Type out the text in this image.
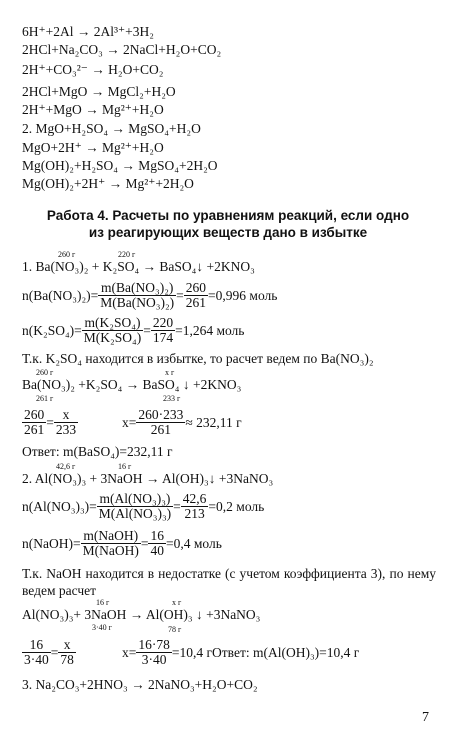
6H⁺+2Al → 2Al³⁺+3H₂
2HCl+Na₂CO₃ → 2NaCl+H₂O+CO₂
2H⁺+CO₃²⁻ → H₂O+CO₂
2HCl+MgO → MgCl₂+H₂O
2H⁺+MgO → Mg²⁺+H₂O
2. MgO+H₂SO₄ → MgSO₄+H₂O
MgO+2H⁺ → Mg²⁺+H₂O
Mg(OH)₂+H₂SO₄ → MgSO₄+2H₂O
Mg(OH)₂+2H⁺ → Mg²⁺+2H₂O
Работа 4. Расчеты по уравнениям реакций, если одно
из реагирующих веществ дано в избытке
260 г	220 г
1. Ba(NO₃)₂ + K₂SO₄ → BaSO₄↓ +2KNO₃
$n(Ba(NO_3)_2)= \frac{\text{m(Ba(NO₃)₂)}}{\text{M(Ba(NO₃)₂)}} = \frac{260}{261} =0,996$ моль
$n(K_2SO_4)= \frac{\text{m(K₂SO₄)}}{\text{M(K₂SO₄)}} = \frac{220}{174} =1,264$ моль
Т.к. K₂SO₄ находится в избытке, то расчет ведем по Ba(NO₃)₂
260 г	x г
Ba(NO₃)₂ +K₂SO₄ → BaSO₄ ↓ +2KNO₃
261 г	233 г
$\frac{260}{261} = \frac{x}{233}$	$x= \frac{260\cdot 233}{261} \approx 232,11$ г
Ответ: m(BaSO₄)=232,11 г
42,6 г	16 г
2. Al(NO₃)₃ + 3NaOH → Al(OH)₃↓ +3NaNO₃
$n(Al(NO_3)_3)= \frac{\text{m(Al(NO₃)₃)}}{\text{M(Al(NO₃)₃)}} = \frac{42,6}{213} =0,2$ моль
n(NaOH)= $\frac{\text{m(NaOH)}}{\text{M(NaOH)}} = \frac{16}{40} =0,4$ моль
Т.к. NaOH находится в недостатке (с учетом коэффициента 3), по нему ведем расчет
16 г	x г
Al(NO₃)₃+ 3NaOH → Al(OH)₃ ↓ +3NaNO₃
3·40 г	78 г
$\frac{16}{3\cdot 40} = \frac{x}{78}$	$x= \frac{16\cdot 78}{3\cdot 40} =10,4$ гОтвет: m(Al(OH)₃)=10,4 г
3. Na₂CO₃+2HNO₃ → 2NaNO₃+H₂O+CO₂
7
